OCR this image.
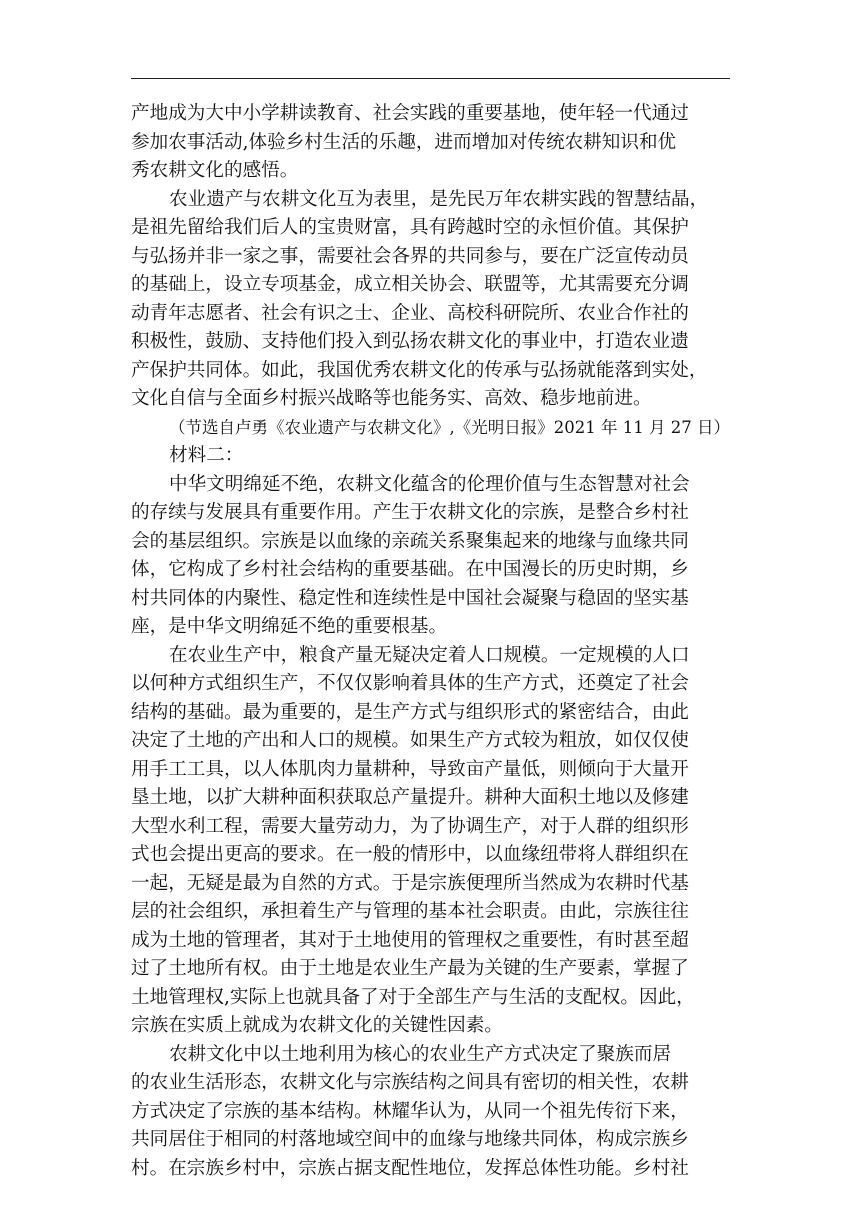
产地成为大中小学耕读教育、社会实践的重要基地，使年轻一代通过
参加农事活动,体验乡村生活的乐趣，进而增加对传统农耕知识和优
秀农耕文化的感悟。
农业遗产与农耕文化互为表里，是先民万年农耕实践的智慧结晶，
是祖先留给我们后人的宝贵财富，具有跨越时空的永恒价值。其保护
与弘扬并非一家之事，需要社会各界的共同参与，要在广泛宣传动员
的基础上，设立专项基金，成立相关协会、联盟等，尤其需要充分调
动青年志愿者、社会有识之士、企业、高校科研院所、农业合作社的
积极性，鼓励、支持他们投入到弘扬农耕文化的事业中，打造农业遗
产保护共同体。如此，我国优秀农耕文化的传承与弘扬就能落到实处，
文化自信与全面乡村振兴战略等也能务实、高效、稳步地前进。
（节选自卢勇《农业遗产与农耕文化》,《光明日报》2021 年 11 月 27 日）
材料二：
中华文明绵延不绝，农耕文化蕴含的伦理价值与生态智慧对社会
的存续与发展具有重要作用。产生于农耕文化的宗族，是整合乡村社
会的基层组织。宗族是以血缘的亲疏关系聚集起来的地缘与血缘共同
体，它构成了乡村社会结构的重要基础。在中国漫长的历史时期，乡
村共同体的内聚性、稳定性和连续性是中国社会凝聚与稳固的坚实基
座，是中华文明绵延不绝的重要根基。
在农业生产中，粮食产量无疑决定着人口规模。一定规模的人口
以何种方式组织生产，不仅仅影响着具体的生产方式，还奠定了社会
结构的基础。最为重要的，是生产方式与组织形式的紧密结合，由此
决定了土地的产出和人口的规模。如果生产方式较为粗放，如仅仅使
用手工工具，以人体肌肉力量耕种，导致亩产量低，则倾向于大量开
垦土地，以扩大耕种面积获取总产量提升。耕种大面积土地以及修建
大型水利工程，需要大量劳动力，为了协调生产，对于人群的组织形
式也会提出更高的要求。在一般的情形中，以血缘纽带将人群组织在
一起，无疑是最为自然的方式。于是宗族便理所当然成为农耕时代基
层的社会组织，承担着生产与管理的基本社会职责。由此，宗族往往
成为土地的管理者，其对于土地使用的管理权之重要性，有时甚至超
过了土地所有权。由于土地是农业生产最为关键的生产要素，掌握了
土地管理权,实际上也就具备了对于全部生产与生活的支配权。因此，
宗族在实质上就成为农耕文化的关键性因素。
农耕文化中以土地利用为核心的农业生产方式决定了聚族而居
的农业生活形态，农耕文化与宗族结构之间具有密切的相关性，农耕
方式决定了宗族的基本结构。林耀华认为，从同一个祖先传衍下来，
共同居住于相同的村落地域空间中的血缘与地缘共同体，构成宗族乡
村。在宗族乡村中，宗族占据支配性地位，发挥总体性功能。乡村社
